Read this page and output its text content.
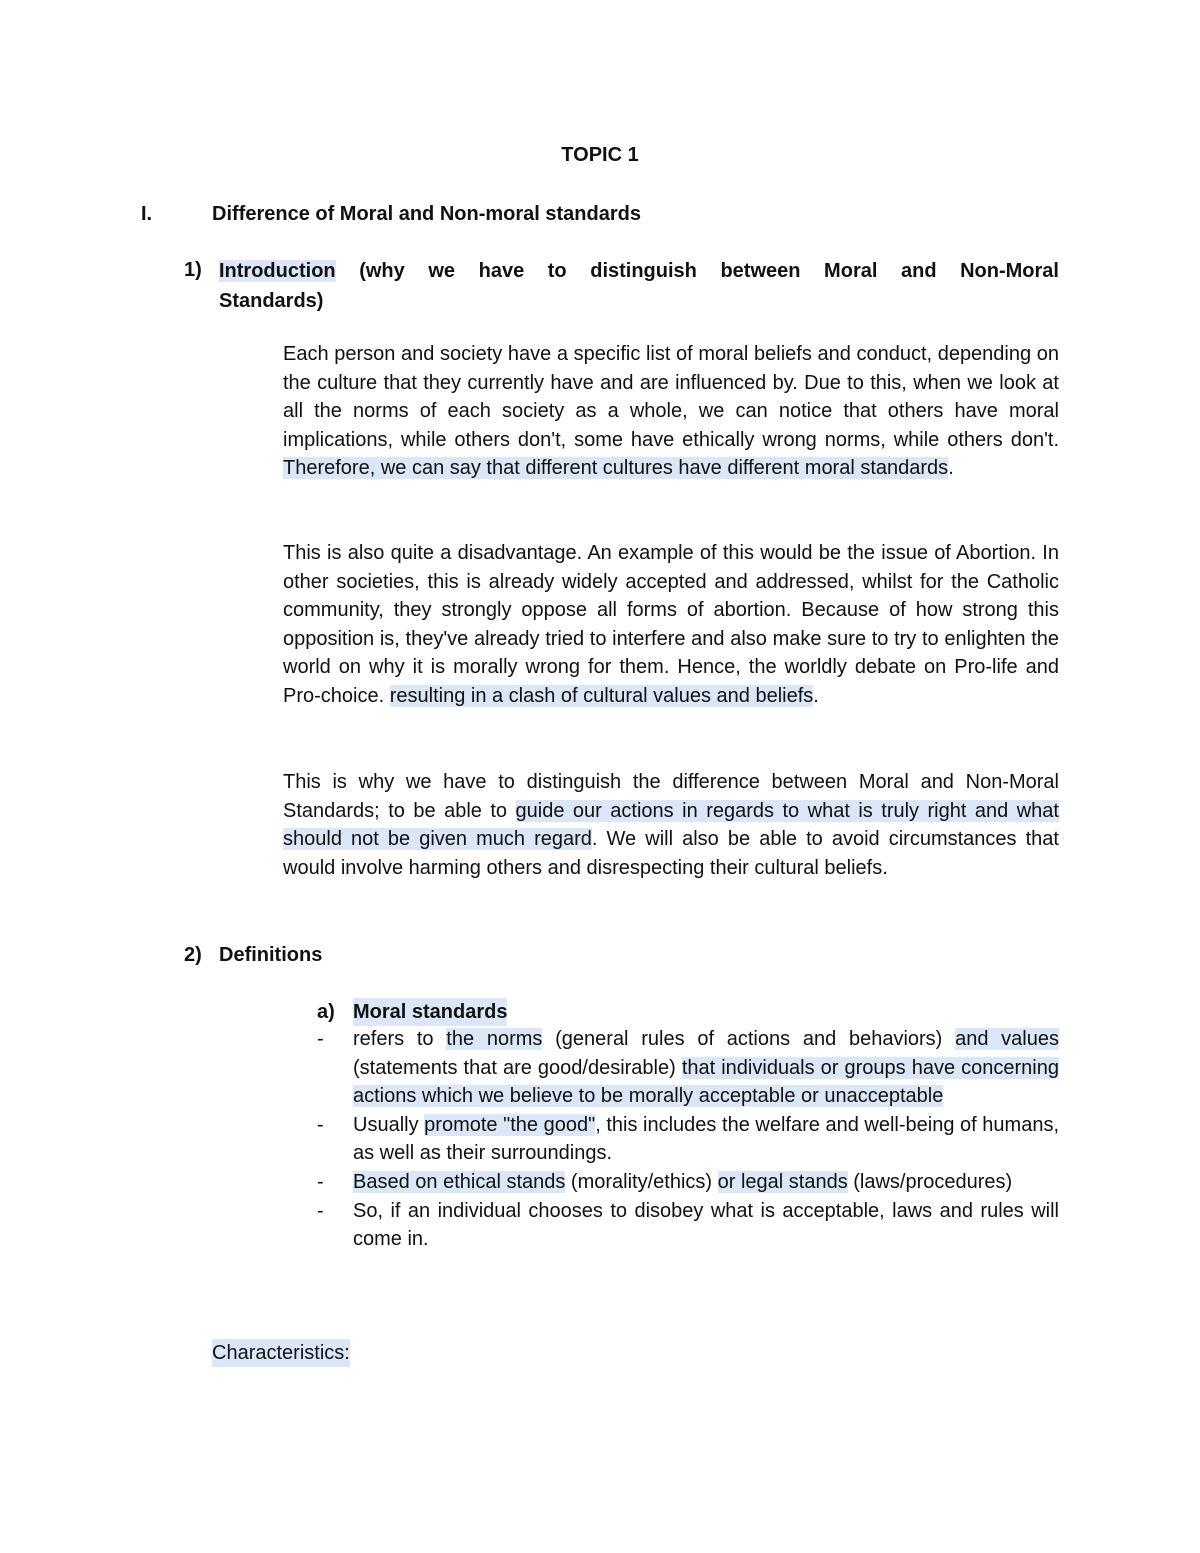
TOPIC 1
I.	Difference of Moral and Non-moral standards
1) Introduction (why we have to distinguish between Moral and Non-Moral
Standards)
Each person and society have a specific list of moral beliefs and conduct, depending on the culture that they currently have and are influenced by. Due to this, when we look at all the norms of each society as a whole, we can notice that others have moral implications, while others don't, some have ethically wrong norms, while others don't. Therefore, we can say that different cultures have different moral standards.
This is also quite a disadvantage. An example of this would be the issue of Abortion. In other societies, this is already widely accepted and addressed, whilst for the Catholic community, they strongly oppose all forms of abortion. Because of how strong this opposition is, they've already tried to interfere and also make sure to try to enlighten the world on why it is morally wrong for them. Hence, the worldly debate on Pro-life and Pro-choice. resulting in a clash of cultural values and beliefs.
This is why we have to distinguish the difference between Moral and Non-Moral Standards; to be able to guide our actions in regards to what is truly right and what should not be given much regard. We will also be able to avoid circumstances that would involve harming others and disrespecting their cultural beliefs.
2) Definitions
a) Moral standards
- refers to the norms (general rules of actions and behaviors) and values (statements that are good/desirable) that individuals or groups have concerning actions which we believe to be morally acceptable or unacceptable
- Usually promote "the good", this includes the welfare and well-being of humans, as well as their surroundings.
- Based on ethical stands (morality/ethics) or legal stands (laws/procedures)
- So, if an individual chooses to disobey what is acceptable, laws and rules will come in.
Characteristics:
